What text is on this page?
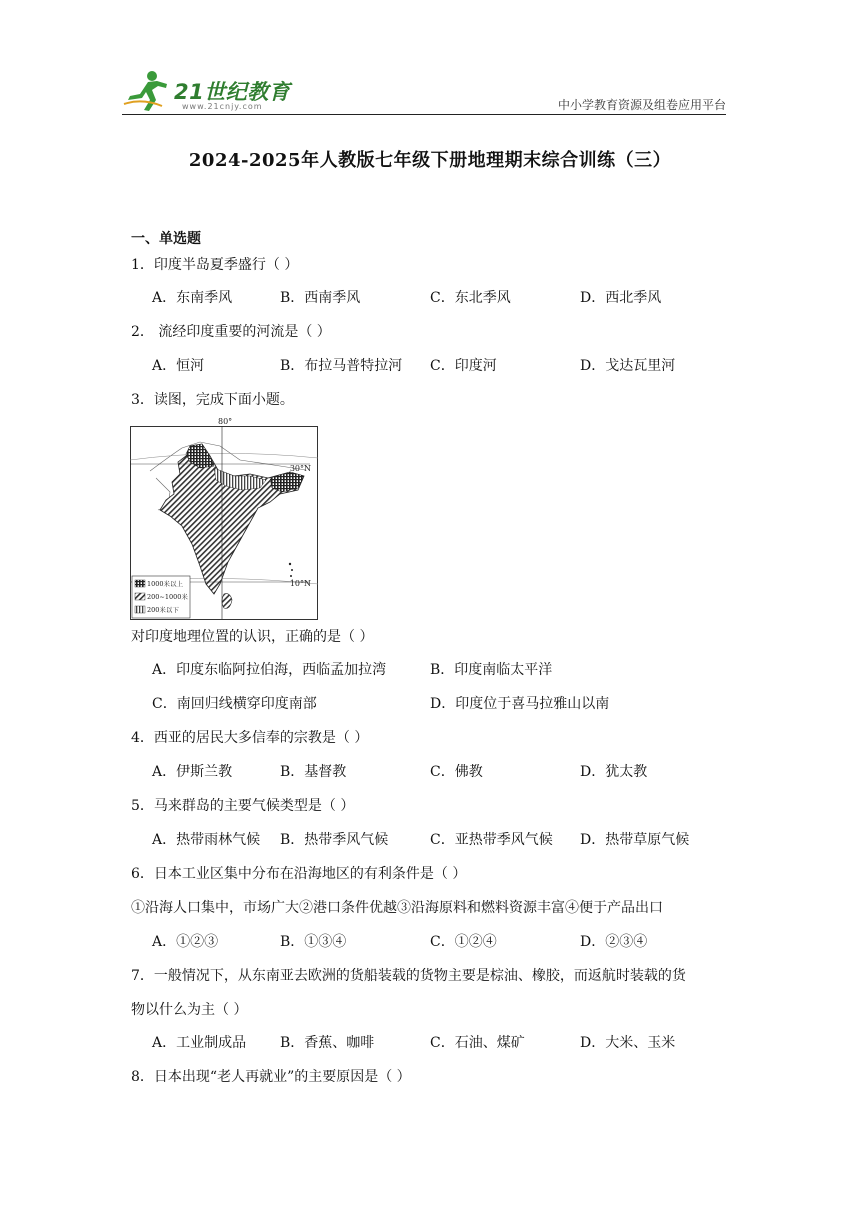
21世纪教育
www.21cnjy.com	中小学教育资源及组卷应用平台
2024-2025年人教版七年级下册地理期末综合训练（三）
一、单选题
1．印度半岛夏季盛行（ ）
A．东南季风	B．西南季风	C．东北季风	D．西北季风
2． 流经印度重要的河流是（ ）
A．恒河	B．布拉马普特拉河 C．印度河	D．戈达瓦里河
3．读图，完成下面小题。
80°
30°N
10°N
1000米以上
200~1000米
200米以下
对印度地理位置的认识，正确的是（ ）
A．印度东临阿拉伯海，西临孟加拉湾	B．印度南临太平洋
C．南回归线横穿印度南部	D．印度位于喜马拉雅山以南
4．西亚的居民大多信奉的宗教是（ ）
A．伊斯兰教	B．基督教	C．佛教	D．犹太教
5．马来群岛的主要气候类型是（ ）
A．热带雨林气候 B．热带季风气候	C．亚热带季风气候 D．热带草原气候
6．日本工业区集中分布在沿海地区的有利条件是（ ）
①沿海人口集中，市场广大②港口条件优越③沿海原料和燃料资源丰富④便于产品出口
A．①②③	B．①③④	C．①②④	D．②③④
7．一般情况下，从东南亚去欧洲的货船装载的货物主要是棕油、橡胶，而返航时装载的货
物以什么为主（ ）
A．工业制成品 B．香蕉、咖啡	C．石油、煤矿	D．大米、玉米
8．日本出现“老人再就业”的主要原因是（ ）
